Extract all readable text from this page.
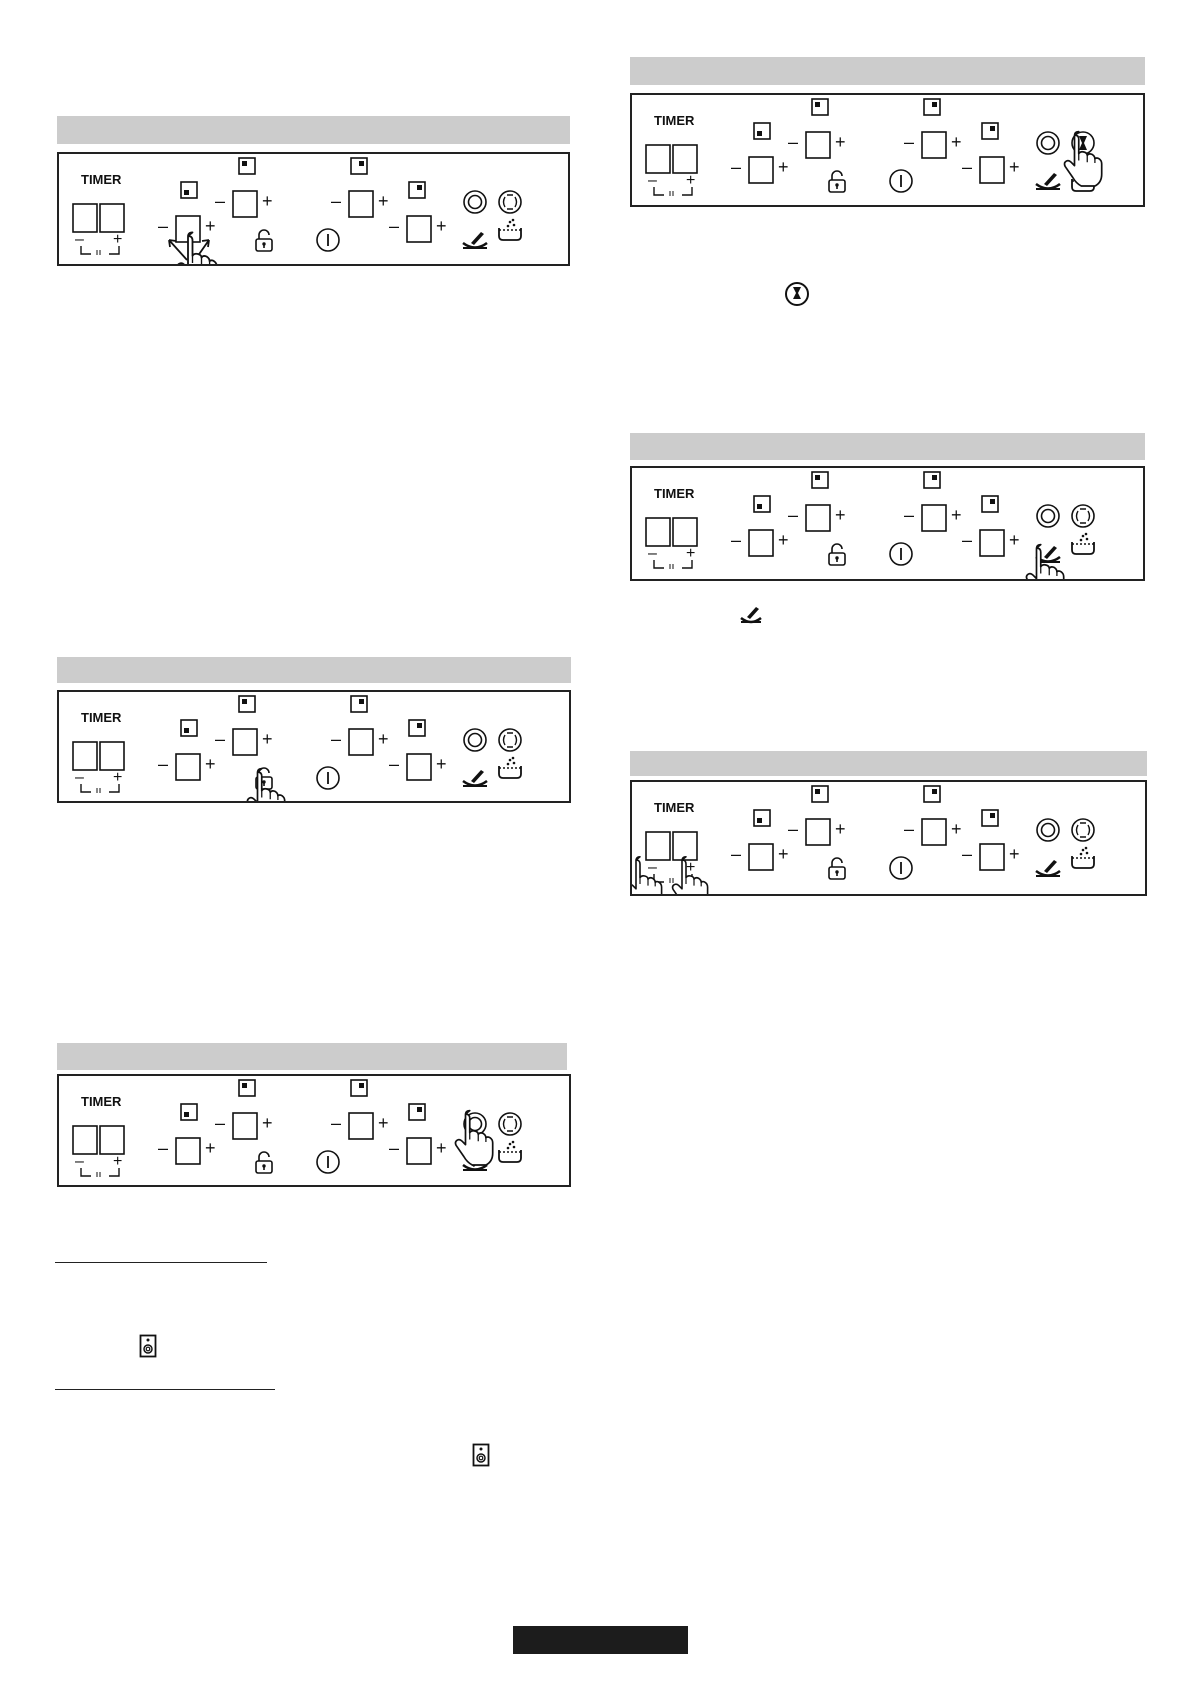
TIMER
– +
– +
– +
– +
– +
TIMER
– +
– +
– +
– +
– +
TIMER
– +
– +
– +
– +
– +
TIMER
– +
– +
– +
– +
– +
TIMER
– +
– +
– +
– +
– +
TIMER
– +
– +
– +
– +
– +
